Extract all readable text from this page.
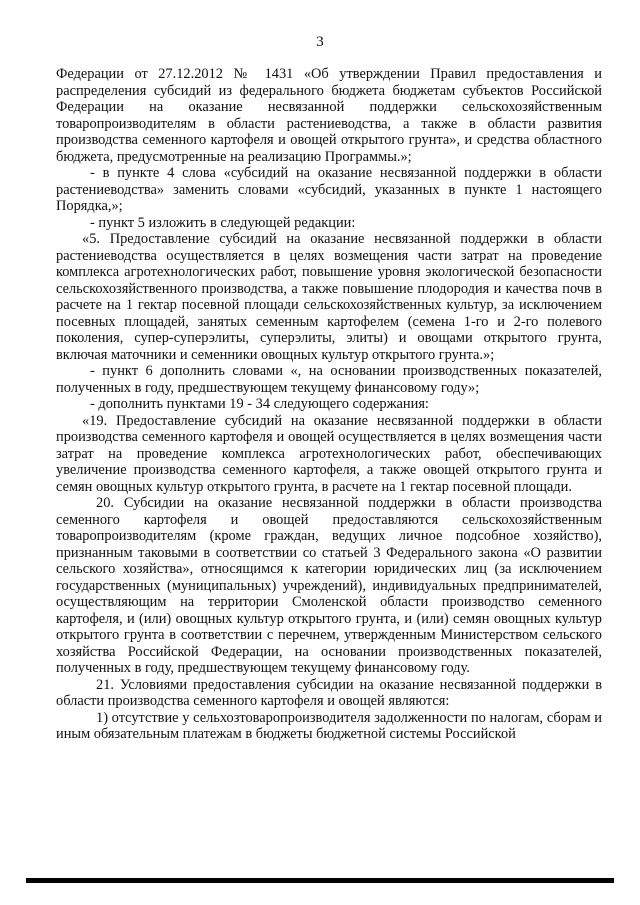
3

Федерации от 27.12.2012 № 1431 «Об утверждении Правил предоставления и распределения субсидий из федерального бюджета бюджетам субъектов Российской Федерации на оказание несвязанной поддержки сельскохозяйственным товаропроизводителям в области растениеводства, а также в области развития производства семенного картофеля и овощей открытого грунта», и средства областного бюджета, предусмотренные на реализацию Программы.»;

- в пункте 4 слова «субсидий на оказание несвязанной поддержки в области растениеводства» заменить словами «субсидий, указанных в пункте 1 настоящего Порядка,»;

- пункт 5 изложить в следующей редакции:

«5. Предоставление субсидий на оказание несвязанной поддержки в области растениеводства осуществляется в целях возмещения части затрат на проведение комплекса агротехнологических работ, повышение уровня экологической безопасности сельскохозяйственного производства, а также повышение плодородия и качества почв в расчете на 1 гектар посевной площади сельскохозяйственных культур, за исключением посевных площадей, занятых семенным картофелем (семена 1-го и 2-го полевого поколения, супер-суперэлиты, суперэлиты, элиты) и овощами открытого грунта, включая маточники и семенники овощных культур открытого грунта.»;

- пункт 6 дополнить словами «, на основании производственных показателей, полученных в году, предшествующем текущему финансовому году»;

- дополнить пунктами 19 - 34 следующего содержания:

«19. Предоставление субсидий на оказание несвязанной поддержки в области производства семенного картофеля и овощей осуществляется в целях возмещения части затрат на проведение комплекса агротехнологических работ, обеспечивающих увеличение производства семенного картофеля, а также овощей открытого грунта и семян овощных культур открытого грунта, в расчете на 1 гектар посевной площади.

20. Субсидии на оказание несвязанной поддержки в области производства семенного картофеля и овощей предоставляются сельскохозяйственным товаропроизводителям (кроме граждан, ведущих личное подсобное хозяйство), признанным таковыми в соответствии со статьей 3 Федерального закона «О развитии сельского хозяйства», относящимся к категории юридических лиц (за исключением государственных (муниципальных) учреждений), индивидуальных предпринимателей, осуществляющим на территории Смоленской области производство семенного картофеля, и (или) овощных культур открытого грунта, и (или) семян овощных культур открытого грунта в соответствии с перечнем, утвержденным Министерством сельского хозяйства Российской Федерации, на основании производственных показателей, полученных в году, предшествующем текущему финансовому году.

21. Условиями предоставления субсидии на оказание несвязанной поддержки в области производства семенного картофеля и овощей являются:

1) отсутствие у сельхозтоваропроизводителя задолженности по налогам, сборам и иным обязательным платежам в бюджеты бюджетной системы Российской
